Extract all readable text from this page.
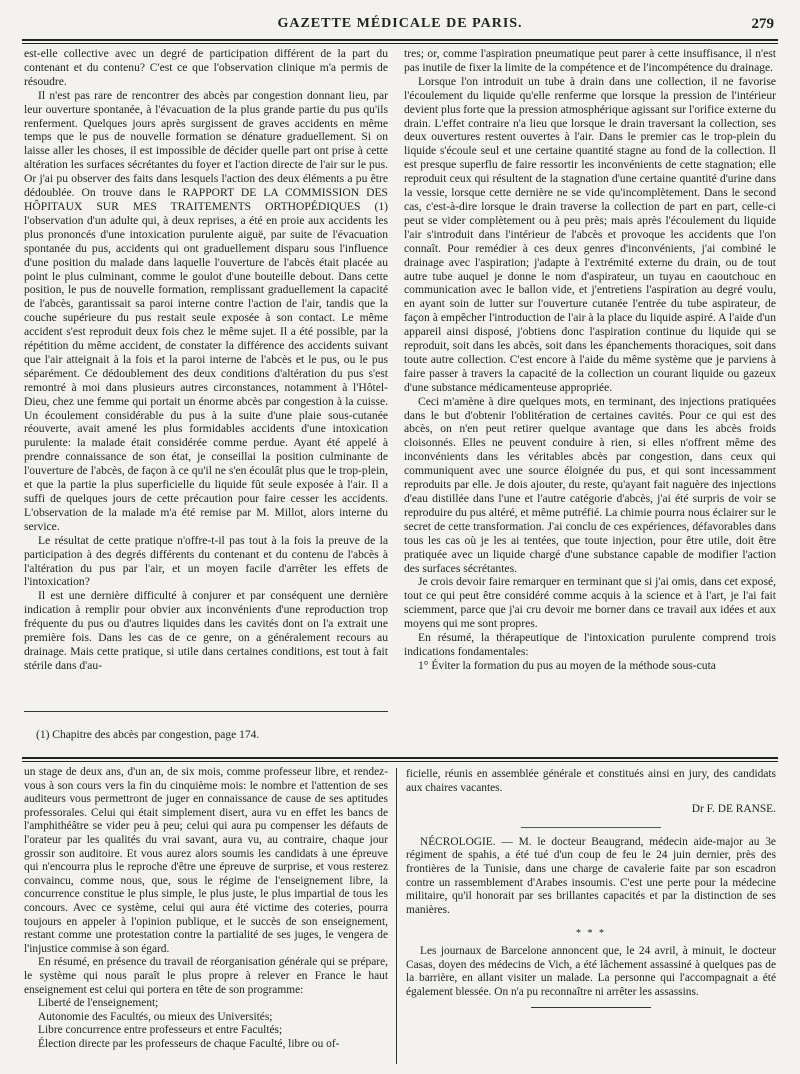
GAZETTE MÉDICALE DE PARIS.	279

est-elle collective avec un degré de participation différent de la part du contenant et du contenu? C'est ce que l'observation clinique m'a permis de résoudre.

Il n'est pas rare de rencontrer des abcès par congestion donnant lieu, par leur ouverture spontanée, à l'évacuation de la plus grande partie du pus qu'ils renferment. Quelques jours après surgissent de graves accidents en même temps que le pus de nouvelle formation se dénature graduellement. Si on laisse aller les choses, il est impossible de décider quelle part ont prise à cette altération les surfaces sécrétantes du foyer et l'action directe de l'air sur le pus. Or j'ai pu observer des faits dans lesquels l'action des deux éléments a pu être dédoublée. On trouve dans le RAPPORT DE LA COMMISSION DES HÔPITAUX SUR MES TRAITEMENTS ORTHOPÉDIQUES (1) l'observation d'un adulte qui, à deux reprises, a été en proie aux accidents les plus prononcés d'une intoxication purulente aiguë, par suite de l'évacuation spontanée du pus, accidents qui ont graduellement disparu sous l'influence d'une position du malade dans laquelle l'ouverture de l'abcès était placée au point le plus culminant, comme le goulot d'une bouteille debout. Dans cette position, le pus de nouvelle formation, remplissant graduellement la capacité de l'abcès, garantissait sa paroi interne contre l'action de l'air, tandis que la couche supérieure du pus restait seule exposée à son contact. Le même accident s'est reproduit deux fois chez le même sujet. Il a été possible, par la répétition du même accident, de constater la différence des accidents suivant que l'air atteignait à la fois et la paroi interne de l'abcès et le pus, ou le pus séparément. Ce dédoublement des deux conditions d'altération du pus s'est remontré à moi dans plusieurs autres circonstances, notamment à l'Hôtel-Dieu, chez une femme qui portait un énorme abcès par congestion à la cuisse. Un écoulement considérable du pus à la suite d'une plaie sous-cutanée réouverte, avait amené les plus formidables accidents d'une intoxication purulente: la malade était considérée comme perdue. Ayant été appelé à prendre connaissance de son état, je conseillai la position culminante de l'ouverture de l'abcès, de façon à ce qu'il ne s'en écoulât plus que le trop-plein, et que la partie la plus superficielle du liquide fût seule exposée à l'air. Il a suffi de quelques jours de cette précaution pour faire cesser les accidents. L'observation de la malade m'a été remise par M. Millot, alors interne du service.

Le résultat de cette pratique n'offre-t-il pas tout à la fois la preuve de la participation à des degrés différents du contenant et du contenu de l'abcès à l'altération du pus par l'air, et un moyen facile d'arrêter les effets de l'intoxication?

Il est une dernière difficulté à conjurer et par conséquent une dernière indication à remplir pour obvier aux inconvénients d'une reproduction trop fréquente du pus ou d'autres liquides dans les cavités dont on l'a extrait une première fois. Dans les cas de ce genre, on a généralement recours au drainage. Mais cette pratique, si utile dans certaines conditions, est tout à fait stérile dans d'au-

(1) Chapitre des abcès par congestion, page 174.

tres; or, comme l'aspiration pneumatique peut parer à cette insuffisance, il n'est pas inutile de fixer la limite de la compétence et de l'incompétence du drainage.

Lorsque l'on introduit un tube à drain dans une collection, il ne favorise l'écoulement du liquide qu'elle renferme que lorsque la pression de l'intérieur devient plus forte que la pression atmosphérique agissant sur l'orifice externe du drain. L'effet contraire n'a lieu que lorsque le drain traversant la collection, ses deux ouvertures restent ouvertes à l'air. Dans le premier cas le trop-plein du liquide s'écoule seul et une certaine quantité stagne au fond de la collection. Il est presque superflu de faire ressortir les inconvénients de cette stagnation; elle reproduit ceux qui résultent de la stagnation d'une certaine quantité d'urine dans la vessie, lorsque cette dernière ne se vide qu'incomplètement. Dans le second cas, c'est-à-dire lorsque le drain traverse la collection de part en part, celle-ci peut se vider complètement ou à peu près; mais après l'écoulement du liquide l'air s'introduit dans l'intérieur de l'abcès et provoque les accidents que l'on connaît. Pour remédier à ces deux genres d'inconvénients, j'ai combiné le drainage avec l'aspiration; j'adapte à l'extrémité externe du drain, ou de tout autre tube auquel je donne le nom d'aspirateur, un tuyau en caoutchouc en communication avec le ballon vide, et j'entretiens l'aspiration au degré voulu, en ayant soin de lutter sur l'ouverture cutanée l'entrée du tube aspirateur, de façon à empêcher l'introduction de l'air à la place du liquide aspiré. A l'aide d'un appareil ainsi disposé, j'obtiens donc l'aspiration continue du liquide qui se reproduit, soit dans les abcès, soit dans les épanchements thoraciques, soit dans toute autre collection. C'est encore à l'aide du même système que je parviens à faire passer à travers la capacité de la collection un courant liquide ou gazeux d'une substance médicamenteuse appropriée.

Ceci m'amène à dire quelques mots, en terminant, des injections pratiquées dans le but d'obtenir l'oblitération de certaines cavités. Pour ce qui est des abcès, on n'en peut retirer quelque avantage que dans les abcès froids cloisonnés. Elles ne peuvent conduire à rien, si elles n'offrent même des inconvénients dans les véritables abcès par congestion, dans ceux qui communiquent avec une source éloignée du pus, et qui sont incessamment reproduits par elle. Je dois ajouter, du reste, qu'ayant fait naguère des injections d'eau distillée dans l'une et l'autre catégorie d'abcès, j'ai été surpris de voir se reproduire du pus altéré, et même putréfié. La chimie pourra nous éclairer sur le secret de cette transformation. J'ai conclu de ces expériences, défavorables dans tous les cas où je les ai tentées, que toute injection, pour être utile, doit être pratiquée avec un liquide chargé d'une substance capable de modifier l'action des surfaces sécrétantes.

Je crois devoir faire remarquer en terminant que si j'ai omis, dans cet exposé, tout ce qui peut être considéré comme acquis à la science et à l'art, je l'ai fait sciemment, parce que j'ai cru devoir me borner dans ce travail aux idées et aux moyens qui me sont propres.

En résumé, la thérapeutique de l'intoxication purulente comprend trois indications fondamentales:

1° Éviter la formation du pus au moyen de la méthode sous-cuta

un stage de deux ans, d'un an, de six mois, comme professeur libre, et rendez-vous à son cours vers la fin du cinquième mois: le nombre et l'attention de ses auditeurs vous permettront de juger en connaissance de cause de ses aptitudes professorales. Celui qui était simplement disert, aura vu en effet les bancs de l'amphithéâtre se vider peu à peu; celui qui aura pu compenser les défauts de l'orateur par les qualités du vrai savant, aura vu, au contraire, chaque jour grossir son auditoire. Et vous aurez alors soumis les candidats à une épreuve qui n'encourra plus le reproche d'être une épreuve de surprise, et vous resterez convaincu, comme nous, que, sous le régime de l'enseignement libre, la concurrence constitue le plus simple, le plus juste, le plus impartial de tous les concours. Avec ce système, celui qui aura été victime des coteries, pourra toujours en appeler à l'opinion publique, et le succès de son enseignement, restant comme une protestation contre la partialité de ses juges, le vengera de l'injustice commise à son égard.

En résumé, en présence du travail de réorganisation générale qui se prépare, le système qui nous paraît le plus propre à relever en France le haut enseignement est celui qui portera en tête de son programme:

Liberté de l'enseignement;

Autonomie des Facultés, ou mieux des Universités;

Libre concurrence entre professeurs et entre Facultés;

Élection directe par les professeurs de chaque Faculté, libre ou of-

ficielle, réunis en assemblée générale et constitués ainsi en jury, des candidats aux chaires vacantes.

Dr F. DE RANSE.

NÉCROLOGIE. — M. le docteur Beaugrand, médecin aide-major au 3e régiment de spahis, a été tué d'un coup de feu le 24 juin dernier, près des frontières de la Tunisie, dans une charge de cavalerie faite par son escadron contre un rassemblement d'Arabes insoumis. C'est une perte pour la médecine militaire, qu'il honorait par ses brillantes capacités et par la distinction de ses manières.

* * *

Les journaux de Barcelone annoncent que, le 24 avril, à minuit, le docteur Casas, doyen des médecins de Vich, a été lâchement assassiné à quelques pas de la barrière, en allant visiter un malade. La personne qui l'accompagnait a été également blessée. On n'a pu reconnaître ni arrêter les assassins.
